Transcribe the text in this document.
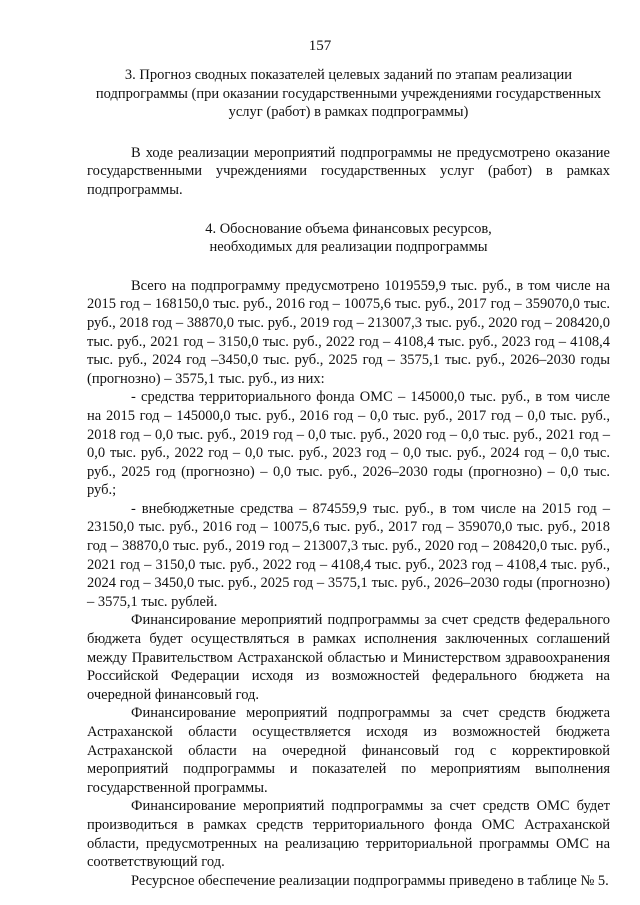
157
3. Прогноз сводных показателей целевых заданий по этапам реализации подпрограммы (при оказании государственными учреждениями государственных услуг (работ) в рамках подпрограммы)

В ходе реализации мероприятий подпрограммы не предусмотрено оказание государственными учреждениями государственных услуг (работ) в рамках подпрограммы.

4. Обоснование объема финансовых ресурсов,
необходимых для реализации подпрограммы

Всего на подпрограмму предусмотрено 1019559,9 тыс. руб., в том числе на 2015 год – 168150,0 тыс. руб., 2016 год – 10075,6 тыс. руб., 2017 год – 359070,0 тыс. руб., 2018 год – 38870,0 тыс. руб., 2019 год – 213007,3 тыс. руб., 2020 год – 208420,0 тыс. руб., 2021 год – 3150,0 тыс. руб., 2022 год – 4108,4 тыс. руб., 2023 год – 4108,4 тыс. руб., 2024 год –3450,0 тыс. руб., 2025 год – 3575,1 тыс. руб., 2026–2030 годы (прогнозно) – 3575,1 тыс. руб., из них:

- средства территориального фонда ОМС – 145000,0 тыс. руб., в том числе на 2015 год – 145000,0 тыс. руб., 2016 год – 0,0 тыс. руб., 2017 год – 0,0 тыс. руб., 2018 год – 0,0 тыс. руб., 2019 год – 0,0 тыс. руб., 2020 год – 0,0 тыс. руб., 2021 год – 0,0 тыс. руб., 2022 год – 0,0 тыс. руб., 2023 год – 0,0 тыс. руб., 2024 год – 0,0 тыс. руб., 2025 год (прогнозно) – 0,0 тыс. руб., 2026–2030 годы (прогнозно) – 0,0 тыс. руб.;

- внебюджетные средства – 874559,9 тыс. руб., в том числе на 2015 год – 23150,0 тыс. руб., 2016 год – 10075,6 тыс. руб., 2017 год – 359070,0 тыс. руб., 2018 год – 38870,0 тыс. руб., 2019 год – 213007,3 тыс. руб., 2020 год – 208420,0 тыс. руб., 2021 год – 3150,0 тыс. руб., 2022 год – 4108,4 тыс. руб., 2023 год – 4108,4 тыс. руб., 2024 год – 3450,0 тыс. руб., 2025 год – 3575,1 тыс. руб., 2026–2030 годы (прогнозно) – 3575,1 тыс. рублей.

Финансирование мероприятий подпрограммы за счет средств федерального бюджета будет осуществляться в рамках исполнения заключенных соглашений между Правительством Астраханской областью и Министерством здравоохранения Российской Федерации исходя из возможностей федерального бюджета на очередной финансовый год.

Финансирование мероприятий подпрограммы за счет средств бюджета Астраханской области осуществляется исходя из возможностей бюджета Астраханской области на очередной финансовый год с корректировкой мероприятий подпрограммы и показателей по мероприятиям выполнения государственной программы.

Финансирование мероприятий подпрограммы за счет средств ОМС будет производиться в рамках средств территориального фонда ОМС Астраханской области, предусмотренных на реализацию территориальной программы ОМС на соответствующий год.

Ресурсное обеспечение реализации подпрограммы приведено в таблице № 5.
